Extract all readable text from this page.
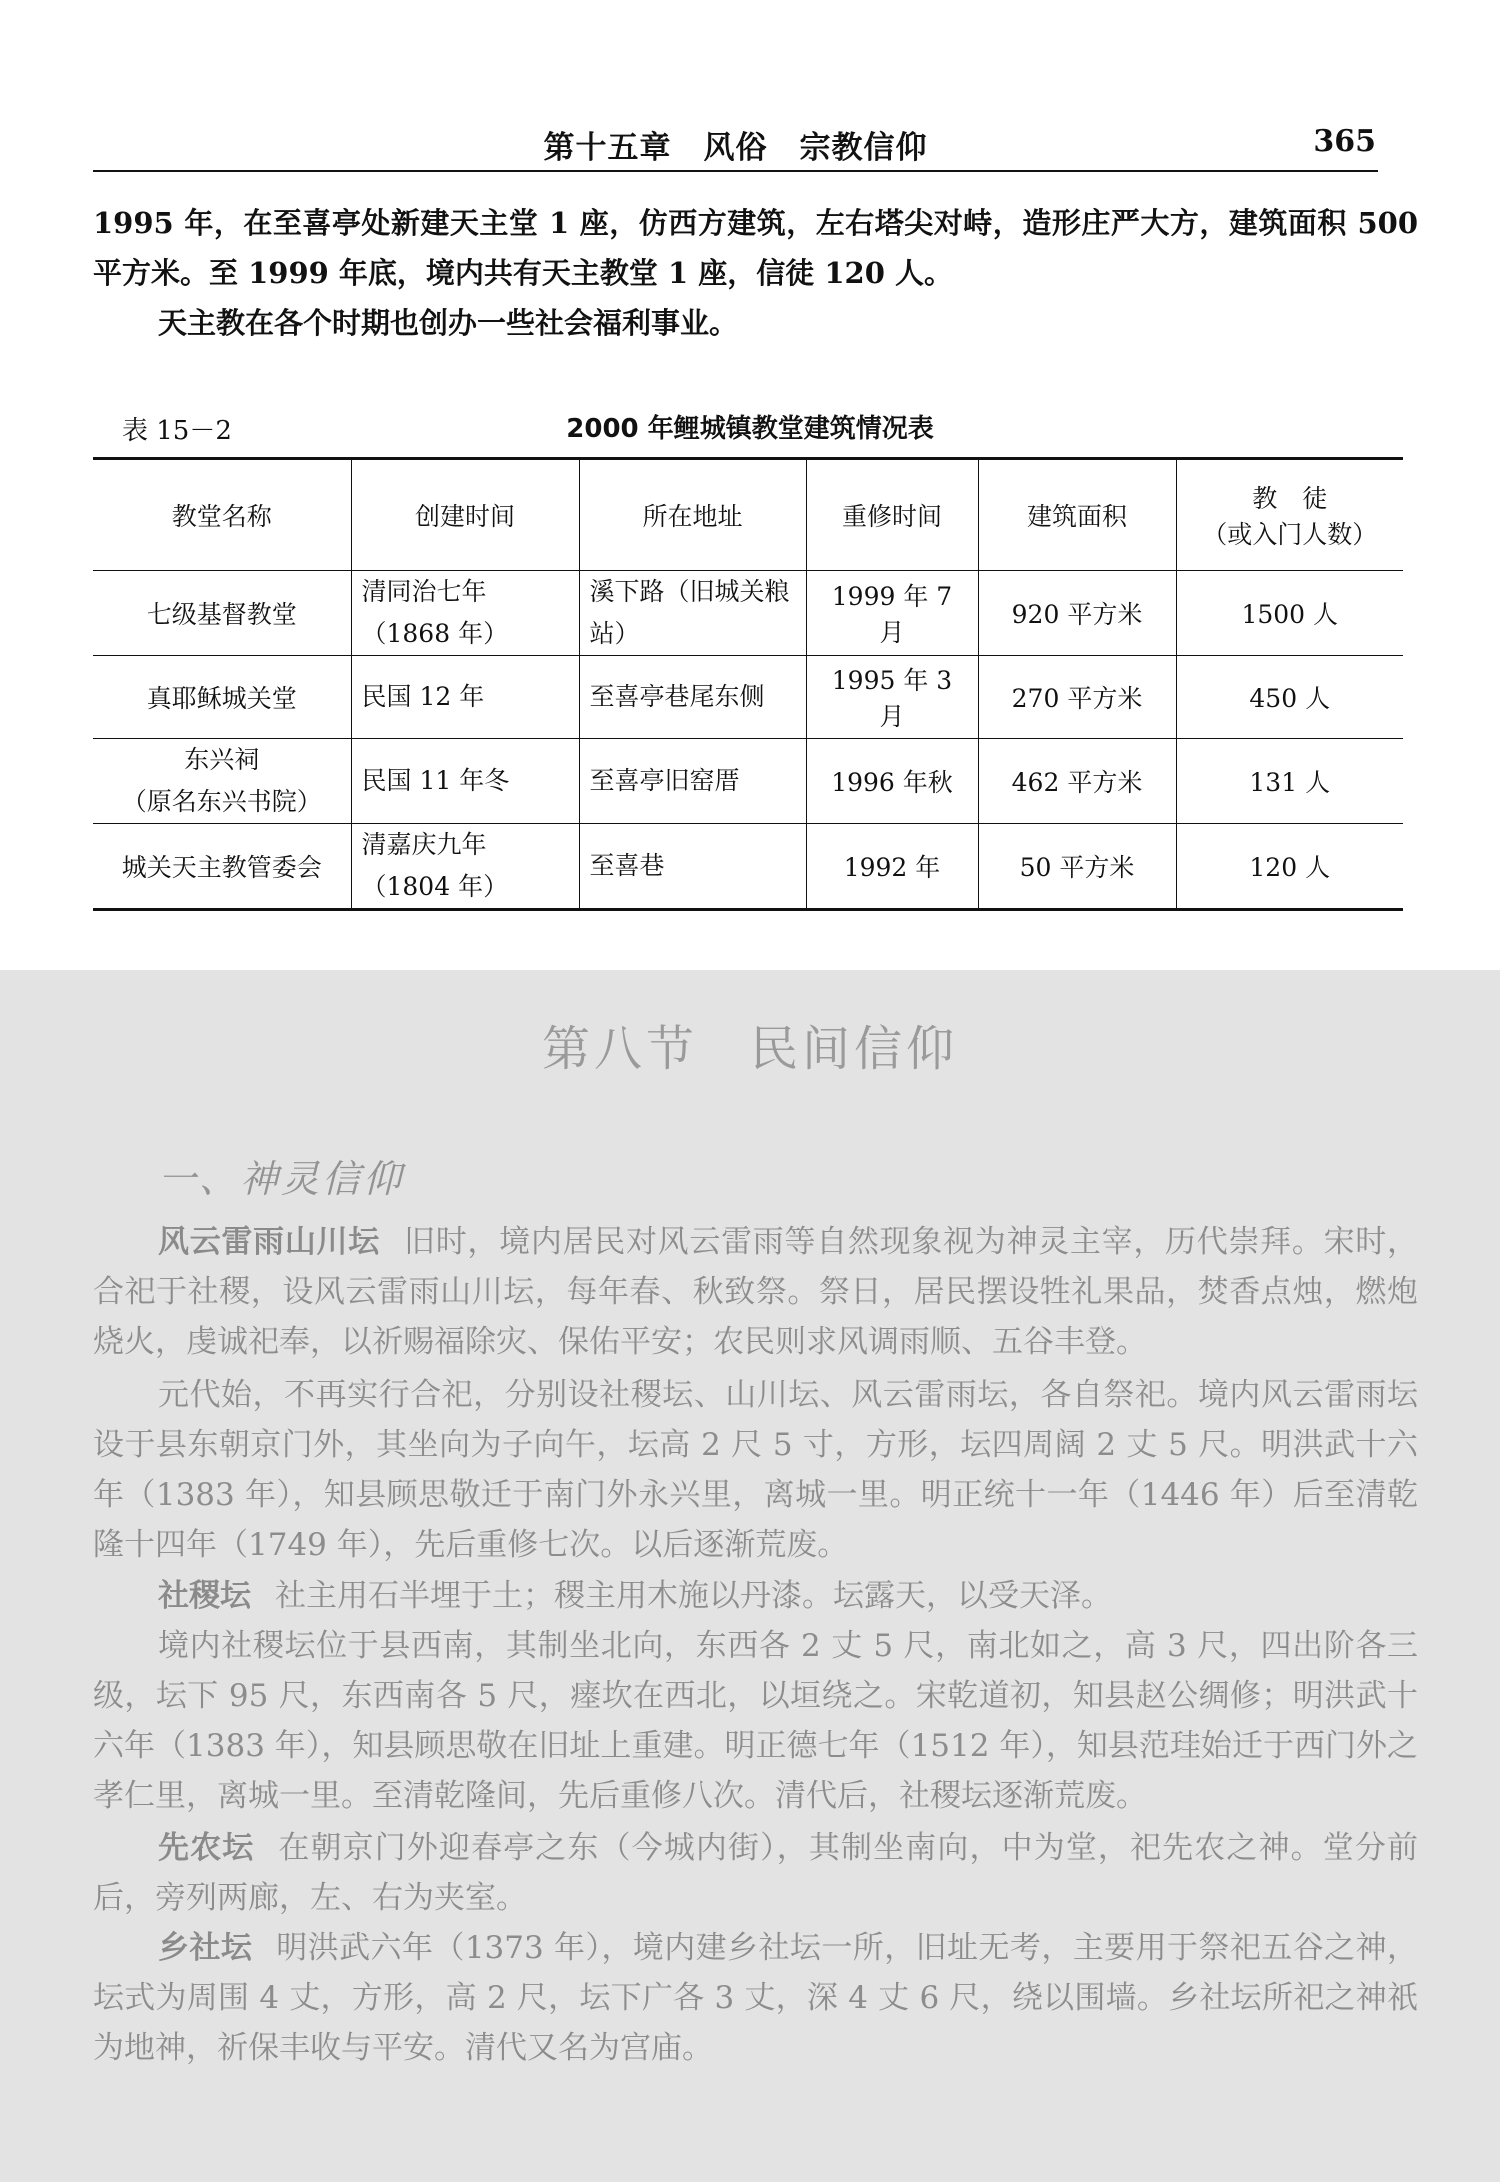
第十五章　风俗　宗教信仰	365
1995 年，在至喜亭处新建天主堂 1 座，仿西方建筑，左右塔尖对峙，造形庄严大方，建筑面积 500 平方米。至 1999 年底，境内共有天主教堂 1 座，信徒 120 人。
天主教在各个时期也创办一些社会福利事业。
表 15－2	2000 年鲤城镇教堂建筑情况表
教堂名称	创建时间	所在地址	重修时间	建筑面积	教　徒
（或入门人数）

七级基督教堂	清同治七年
（1868 年）	溪下路（旧城关粮站）	1999 年 7 月	920 平方米	1500 人
真耶稣城关堂	民国 12 年	至喜亭巷尾东侧	1995 年 3 月	270 平方米	450 人

东兴祠
（原名东兴书院）	民国 11 年冬	至喜亭旧窑厝	1996 年秋	462 平方米	131 人
城关天主教管委会	清嘉庆九年
（1804 年）	至喜巷	1992 年	50 平方米	120 人
第八节　民间信仰
一、神灵信仰
风云雷雨山川坛 旧时，境内居民对风云雷雨等自然现象视为神灵主宰，历代崇拜。宋时，合祀于社稷，设风云雷雨山川坛，每年春、秋致祭。祭日，居民摆设牲礼果品，焚香点烛，燃炮烧火，虔诚祀奉，以祈赐福除灾、保佑平安；农民则求风调雨顺、五谷丰登。
元代始，不再实行合祀，分别设社稷坛、山川坛、风云雷雨坛，各自祭祀。境内风云雷雨坛设于县东朝京门外，其坐向为子向午，坛高 2 尺 5 寸，方形，坛四周阔 2 丈 5 尺。明洪武十六年（1383 年），知县顾思敬迁于南门外永兴里，离城一里。明正统十一年（1446 年）后至清乾隆十四年（1749 年），先后重修七次。以后逐渐荒废。
社稷坛 社主用石半埋于土；稷主用木施以丹漆。坛露天，以受天泽。
境内社稷坛位于县西南，其制坐北向，东西各 2 丈 5 尺，南北如之，高 3 尺，四出阶各三级，坛下 95 尺，东西南各 5 尺，瘗坎在西北，以垣绕之。宋乾道初，知县赵公绸修；明洪武十六年（1383 年），知县顾思敬在旧址上重建。明正德七年（1512 年），知县范珪始迁于西门外之孝仁里，离城一里。至清乾隆间，先后重修八次。清代后，社稷坛逐渐荒废。
先农坛 在朝京门外迎春亭之东（今城内街），其制坐南向，中为堂，祀先农之神。堂分前后，旁列两廊，左、右为夹室。
乡社坛 明洪武六年（1373 年），境内建乡社坛一所，旧址无考，主要用于祭祀五谷之神，坛式为周围 4 丈，方形，高 2 尺，坛下广各 3 丈，深 4 丈 6 尺，绕以围墙。乡社坛所祀之神祇为地神，祈保丰收与平安。清代又名为宫庙。
